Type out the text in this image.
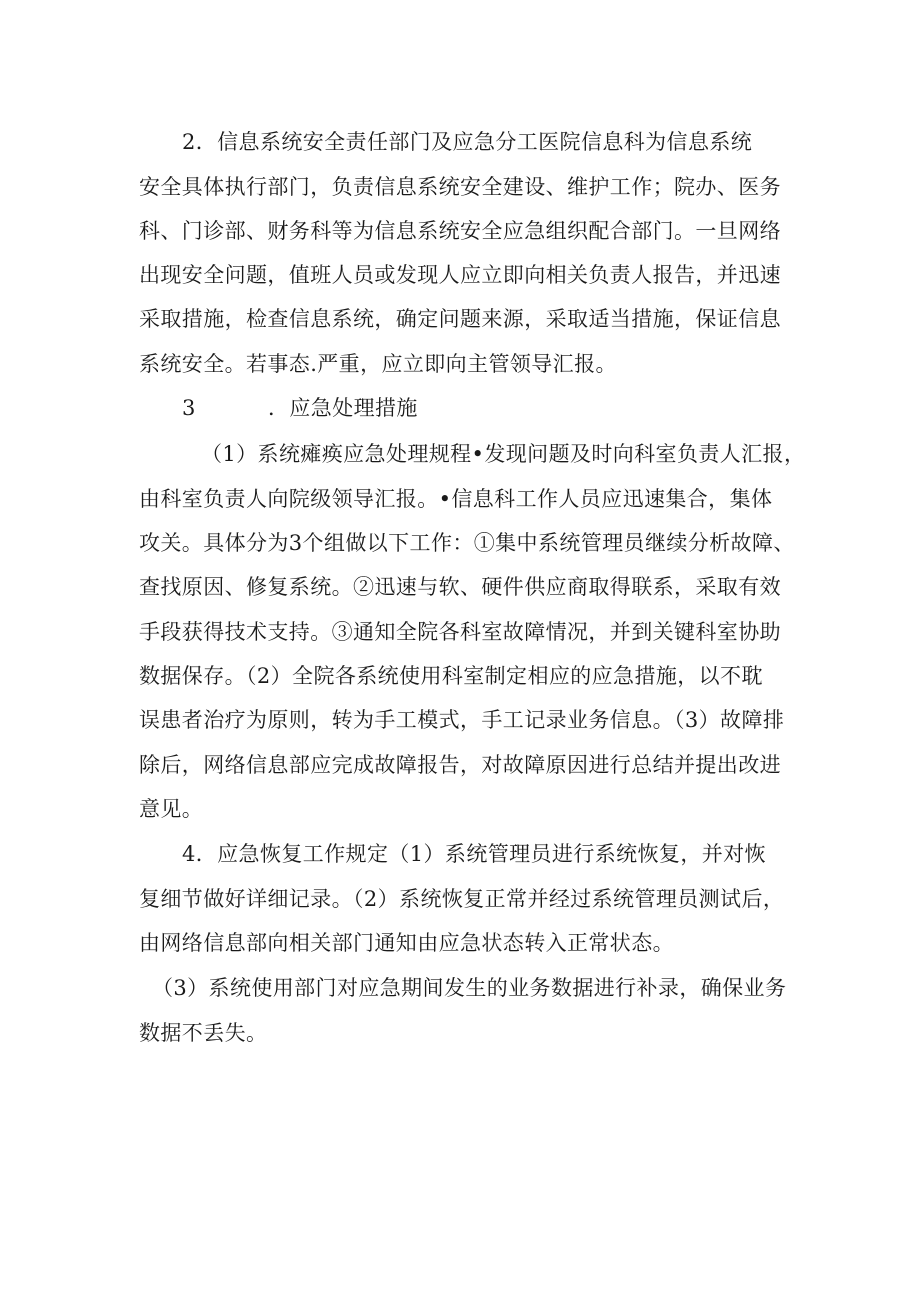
2．信息系统安全责任部门及应急分工医院信息科为信息系统

安全具体执行部门，负责信息系统安全建设、维护工作；院办、医务

科、门诊部、财务科等为信息系统安全应急组织配合部门。一旦网络

出现安全问题，值班人员或发现人应立即向相关负责人报告，并迅速

采取措施，检查信息系统，确定问题来源，采取适当措施，保证信息

系统安全。若事态.严重，应立即向主管领导汇报。

3	．应急处理措施

（1）系统瘫痪应急处理规程•发现问题及时向科室负责人汇报，

由科室负责人向院级领导汇报。•信息科工作人员应迅速集合，集体

攻关。具体分为3个组做以下工作：①集中系统管理员继续分析故障、

查找原因、修复系统。②迅速与软、硬件供应商取得联系，采取有效

手段获得技术支持。③通知全院各科室故障情况，并到关键科室协助

数据保存。（2）全院各系统使用科室制定相应的应急措施，以不耽

误患者治疗为原则，转为手工模式，手工记录业务信息。（3）故障排

除后，网络信息部应完成故障报告，对故障原因进行总结并提出改进

意见。

4．应急恢复工作规定（1）系统管理员进行系统恢复，并对恢

复细节做好详细记录。（2）系统恢复正常并经过系统管理员测试后，

由网络信息部向相关部门通知由应急状态转入正常状态。

（3）系统使用部门对应急期间发生的业务数据进行补录，确保业务

数据不丢失。
